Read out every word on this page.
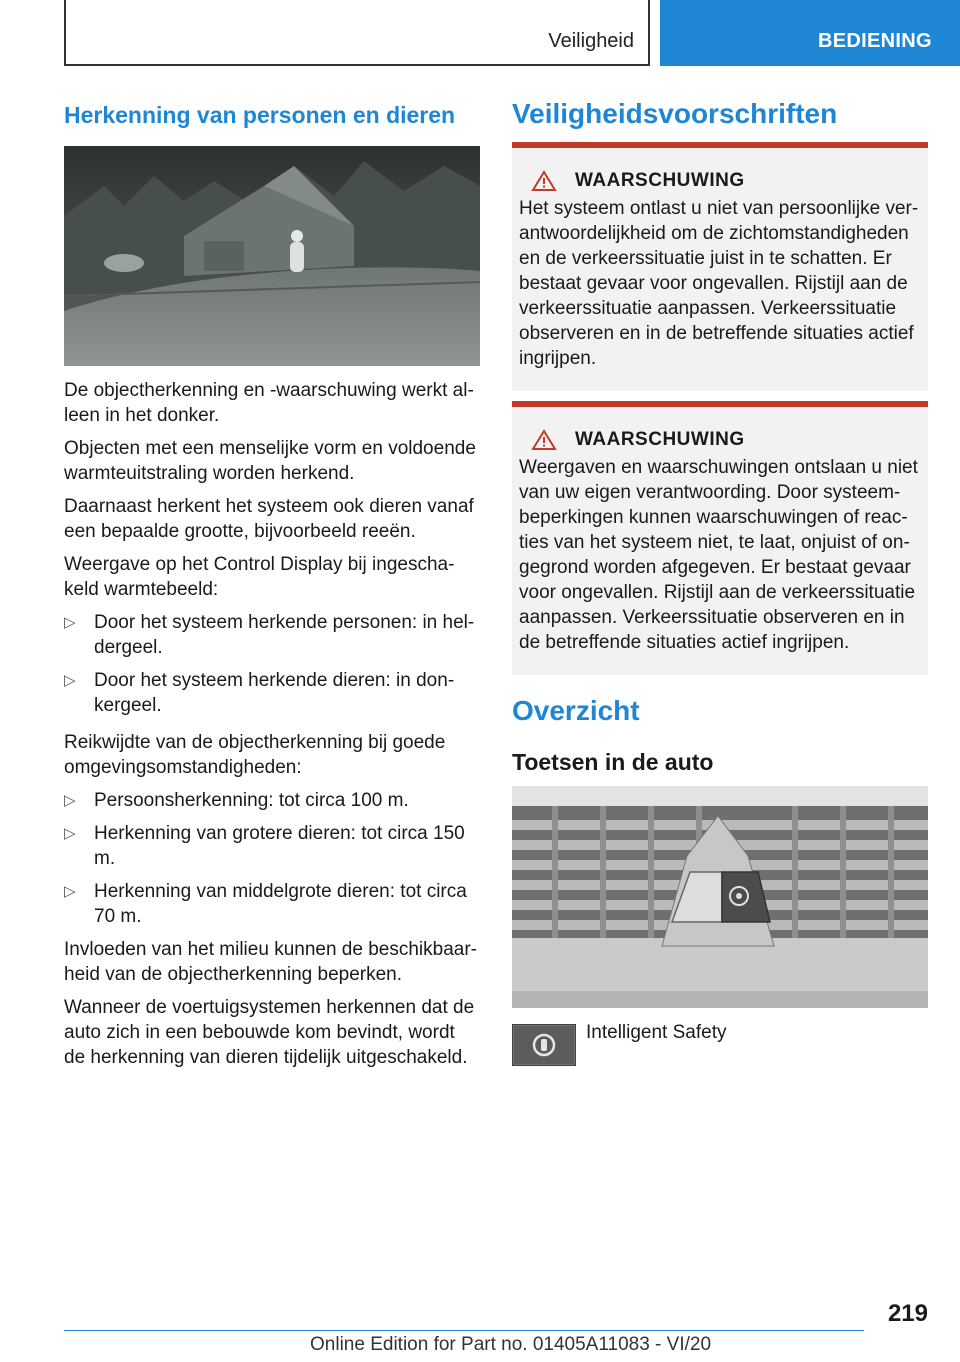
Veiligheid	BEDIENING
Herkenning van personen en dieren

De objectherkenning en -waarschuwing werkt alleen in het donker.

Objecten met een menselijke vorm en voldoende warmteuitstraling worden herkend.

Daarnaast herkent het systeem ook dieren vanaf een bepaalde grootte, bijvoorbeeld reeën.

Weergave op het Control Display bij ingeschakeld warmtebeeld:

▷ Door het systeem herkende personen: in heldergeel.
▷ Door het systeem herkende dieren: in donkergeel.

Reikwijdte van de objectherkenning bij goede omgevingsomstandigheden:

▷ Persoonsherkenning: tot circa 100 m.
▷ Herkenning van grotere dieren: tot circa 150 m.
▷ Herkenning van middelgrote dieren: tot circa 70 m.

Invloeden van het milieu kunnen de beschikbaarheid van de objectherkenning beperken.

Wanneer de voertuigsystemen herkennen dat de auto zich in een bebouwde kom bevindt, wordt de herkenning van dieren tijdelijk uitgeschakeld.

Veiligheidsvoorschriften
WAARSCHUWING

Het systeem ontlast u niet van persoonlijke verantwoordelijkheid om de zichtomstandigheden en de verkeerssituatie juist in te schatten. Er bestaat gevaar voor ongevallen. Rijstijl aan de verkeerssituatie aanpassen. Verkeerssituatie observeren en in de betreffende situaties actief ingrijpen.

WAARSCHUWING

Weergaven en waarschuwingen ontslaan u niet van uw eigen verantwoording. Door systeembeperkingen kunnen waarschuwingen of reacties van het systeem niet, te laat, onjuist of ongegrond worden afgegeven. Er bestaat gevaar voor ongevallen. Rijstijl aan de verkeerssituatie aanpassen. Verkeerssituatie observeren en in de betreffende situaties actief ingrijpen.

Overzicht
Toetsen in de auto
Intelligent Safety
219
Online Edition for Part no. 01405A11083 - VI/20
